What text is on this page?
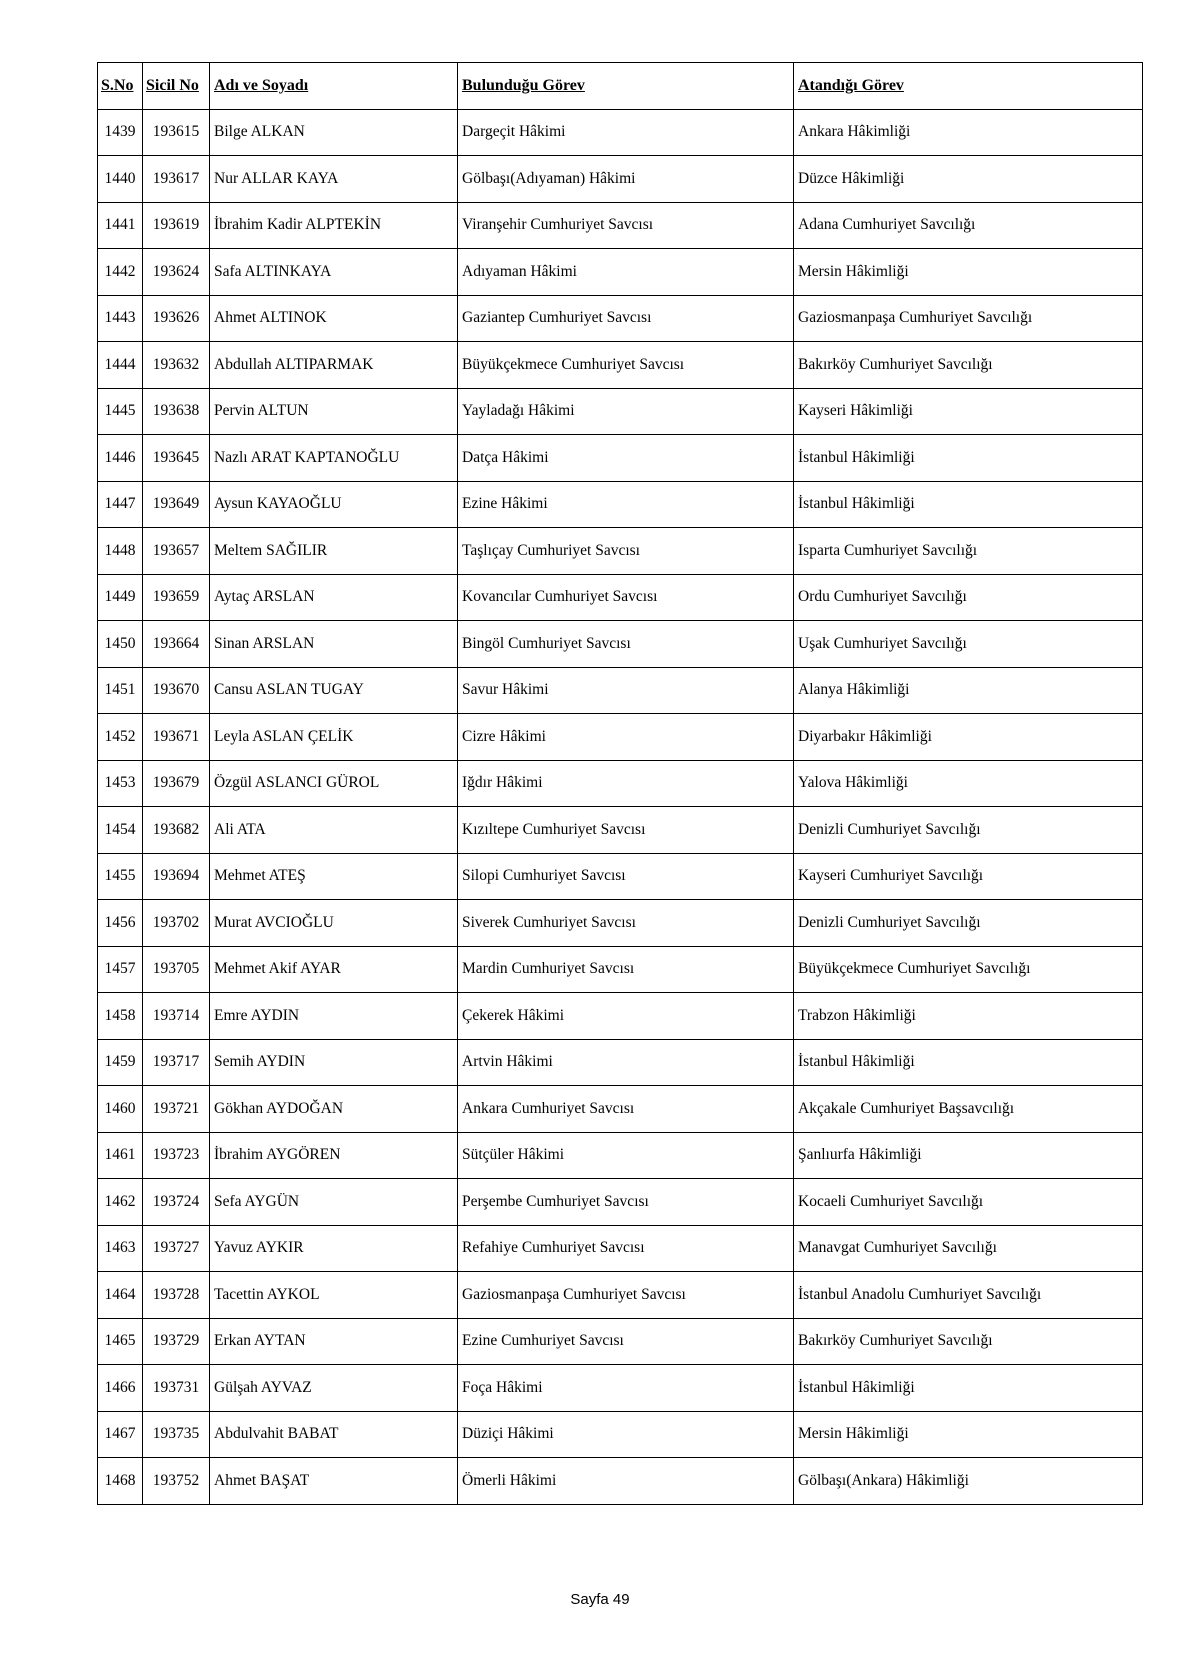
S.No	Sicil No	Adı ve Soyadı	Bulunduğu Görev	Atandığı Görev
1439	193615	Bilge ALKAN	Dargeçit Hâkimi	Ankara Hâkimliği
1440	193617	Nur ALLAR KAYA	Gölbaşı(Adıyaman) Hâkimi	Düzce Hâkimliği
1441	193619	İbrahim Kadir ALPTEKİN	Viranşehir Cumhuriyet Savcısı	Adana Cumhuriyet Savcılığı
1442	193624	Safa ALTINKAYA	Adıyaman Hâkimi	Mersin Hâkimliği
1443	193626	Ahmet ALTINOK	Gaziantep Cumhuriyet Savcısı	Gaziosmanpaşa Cumhuriyet Savcılığı
1444	193632	Abdullah ALTIPARMAK	Büyükçekmece Cumhuriyet Savcısı	Bakırköy Cumhuriyet Savcılığı
1445	193638	Pervin ALTUN	Yayladağı Hâkimi	Kayseri Hâkimliği
1446	193645	Nazlı ARAT KAPTANOĞLU	Datça Hâkimi	İstanbul Hâkimliği
1447	193649	Aysun KAYAOĞLU	Ezine Hâkimi	İstanbul Hâkimliği
1448	193657	Meltem SAĞILIR	Taşlıçay Cumhuriyet Savcısı	Isparta Cumhuriyet Savcılığı
1449	193659	Aytaç ARSLAN	Kovancılar Cumhuriyet Savcısı	Ordu Cumhuriyet Savcılığı
1450	193664	Sinan ARSLAN	Bingöl Cumhuriyet Savcısı	Uşak Cumhuriyet Savcılığı
1451	193670	Cansu ASLAN TUGAY	Savur Hâkimi	Alanya Hâkimliği
1452	193671	Leyla ASLAN ÇELİK	Cizre Hâkimi	Diyarbakır Hâkimliği
1453	193679	Özgül ASLANCI GÜROL	Iğdır Hâkimi	Yalova Hâkimliği
1454	193682	Ali ATA	Kızıltepe Cumhuriyet Savcısı	Denizli Cumhuriyet Savcılığı
1455	193694	Mehmet ATEŞ	Silopi Cumhuriyet Savcısı	Kayseri Cumhuriyet Savcılığı
1456	193702	Murat AVCIOĞLU	Siverek Cumhuriyet Savcısı	Denizli Cumhuriyet Savcılığı
1457	193705	Mehmet Akif AYAR	Mardin Cumhuriyet Savcısı	Büyükçekmece Cumhuriyet Savcılığı
1458	193714	Emre AYDIN	Çekerek Hâkimi	Trabzon Hâkimliği
1459	193717	Semih AYDIN	Artvin Hâkimi	İstanbul Hâkimliği
1460	193721	Gökhan AYDOĞAN	Ankara Cumhuriyet Savcısı	Akçakale Cumhuriyet Başsavcılığı
1461	193723	İbrahim AYGÖREN	Sütçüler Hâkimi	Şanlıurfa Hâkimliği
1462	193724	Sefa AYGÜN	Perşembe Cumhuriyet Savcısı	Kocaeli Cumhuriyet Savcılığı
1463	193727	Yavuz AYKIR	Refahiye Cumhuriyet Savcısı	Manavgat Cumhuriyet Savcılığı
1464	193728	Tacettin AYKOL	Gaziosmanpaşa Cumhuriyet Savcısı	İstanbul Anadolu Cumhuriyet Savcılığı
1465	193729	Erkan AYTAN	Ezine Cumhuriyet Savcısı	Bakırköy Cumhuriyet Savcılığı
1466	193731	Gülşah AYVAZ	Foça Hâkimi	İstanbul Hâkimliği
1467	193735	Abdulvahit BABAT	Düziçi Hâkimi	Mersin Hâkimliği
1468	193752	Ahmet BAŞAT	Ömerli Hâkimi	Gölbaşı(Ankara) Hâkimliği
Sayfa 49
